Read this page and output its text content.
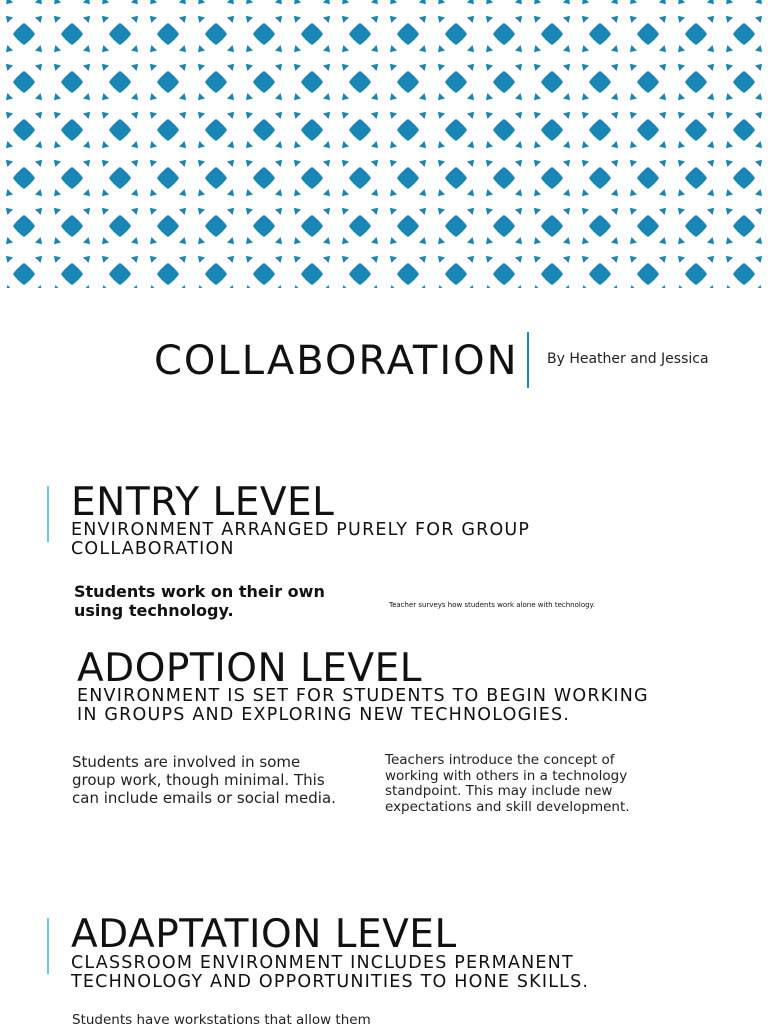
COLLABORATION By Heather and Jessica
ENTRY LEVEL
ENVIRONMENT ARRANGED PURELY FOR GROUP
COLLABORATION
Students work on their own
using technology.	Teacher surveys how students work alone with technology.
ADOPTION LEVEL
ENVIRONMENT IS SET FOR STUDENTS TO BEGIN WORKING
IN GROUPS AND EXPLORING NEW TECHNOLOGIES.
Students are involved in some
group work, though minimal. This
can include emails or social media.
Teachers introduce the concept of
working with others in a technology
standpoint. This may include new
expectations and skill development.
ADAPTATION LEVEL
CLASSROOM ENVIRONMENT INCLUDES PERMANENT
TECHNOLOGY AND OPPORTUNITIES TO HONE SKILLS.
Students have workstations that allow them
